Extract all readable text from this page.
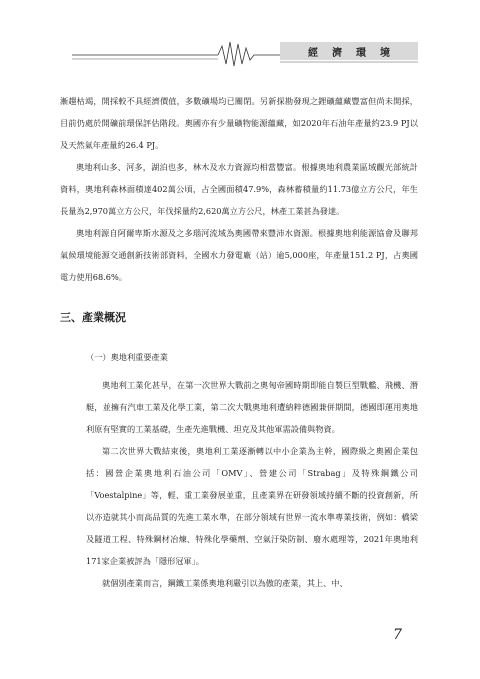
經濟環境

漸趨枯竭，開採較不具經濟價值，多數礦場均已關閉。另新探勘發現之鋰礦蘊藏豐富但尚未開採，目前仍處於開礦前環保評估階段。奧國亦有少量礦物能源蘊藏，如2020年石油年產量約23.9 PJ以及天然氣年產量約26.4 PJ。

奧地利山多、河多，湖泊也多，林木及水力資源均相當豐富。根據奧地利農業區域觀光部統計資料，奧地利森林面積達402萬公頃，占全國面積47.9%，森林蓄積量約11.73億立方公尺，年生長量為2,970萬立方公尺，年伐採量約2,620萬立方公尺，林產工業甚為發達。

奧地利源自阿爾卑斯水源及之多瑙河流域為奧國帶來豐沛水資源。根據奧地利能源協會及聯邦氣候環境能源交通創新技術部資料，全國水力發電廠（站）逾5,000座，年產量151.2 PJ，占奧國電力使用68.6%。

三、產業概況
（一）奧地利重要產業

奧地利工業化甚早，在第一次世界大戰前之奧匈帝國時期即能自製巨型戰艦、飛機、潛艇，並擁有汽車工業及化學工業，第二次大戰奧地利遭納粹德國兼併期間，德國即運用奧地利原有堅實的工業基礎，生產先進戰機、坦克及其他軍需設備與物資。

第二次世界大戰結束後，奧地利工業逐漸轉以中小企業為主幹，國際級之奧國企業包括：國營企業奧地利石油公司「OMV」、營建公司「Strabag」及特殊鋼鐵公司「Voestalpine」等，輕、重工業發展並重，且產業界在研發領域持續不斷的投資創新，所以亦造就其小而高品質的先進工業水準，在部分領域有世界一流水準專業技術，例如：橋梁及隧道工程、特殊鋼材冶煉、特殊化學藥劑、空氣汙染防制、廢水處理等，2021年奧地利171家企業被評為「隱形冠軍」。

就個別產業而言，鋼鐵工業係奧地利嚴引以為傲的產業，其上、中、

7
